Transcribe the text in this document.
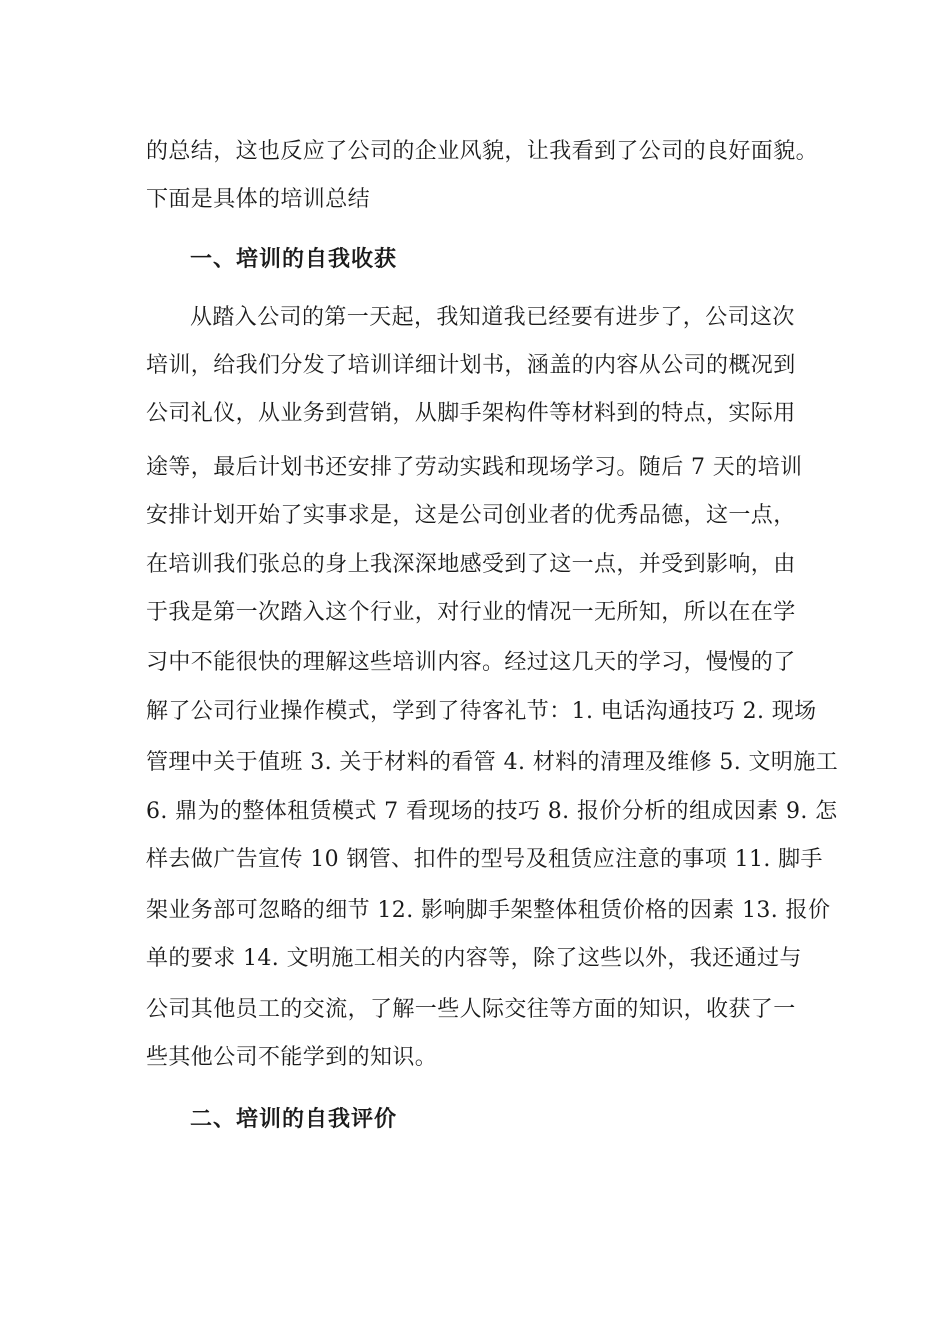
的总结，这也反应了公司的企业风貌，让我看到了公司的良好面貌。
下面是具体的培训总结
一、培训的自我收获
从踏入公司的第一天起，我知道我已经要有进步了，公司这次
培训，给我们分发了培训详细计划书，涵盖的内容从公司的概况到
公司礼仪，从业务到营销，从脚手架构件等材料到的特点，实际用
途等，最后计划书还安排了劳动实践和现场学习。随后 7 天的培训
安排计划开始了实事求是，这是公司创业者的优秀品德，这一点，
在培训我们张总的身上我深深地感受到了这一点，并受到影响，由
于我是第一次踏入这个行业，对行业的情况一无所知，所以在在学
习中不能很快的理解这些培训内容。经过这几天的学习，慢慢的了
解了公司行业操作模式，学到了待客礼节：1. 电话沟通技巧 2. 现场
管理中关于值班 3. 关于材料的看管 4. 材料的清理及维修 5. 文明施工
6. 鼎为的整体租赁模式 7 看现场的技巧 8. 报价分析的组成因素 9. 怎
样去做广告宣传 10 钢管、扣件的型号及租赁应注意的事项 11. 脚手
架业务部可忽略的细节 12. 影响脚手架整体租赁价格的因素 13. 报价
单的要求 14. 文明施工相关的内容等，除了这些以外，我还通过与
公司其他员工的交流，了解一些人际交往等方面的知识，收获了一
些其他公司不能学到的知识。
二、培训的自我评价
